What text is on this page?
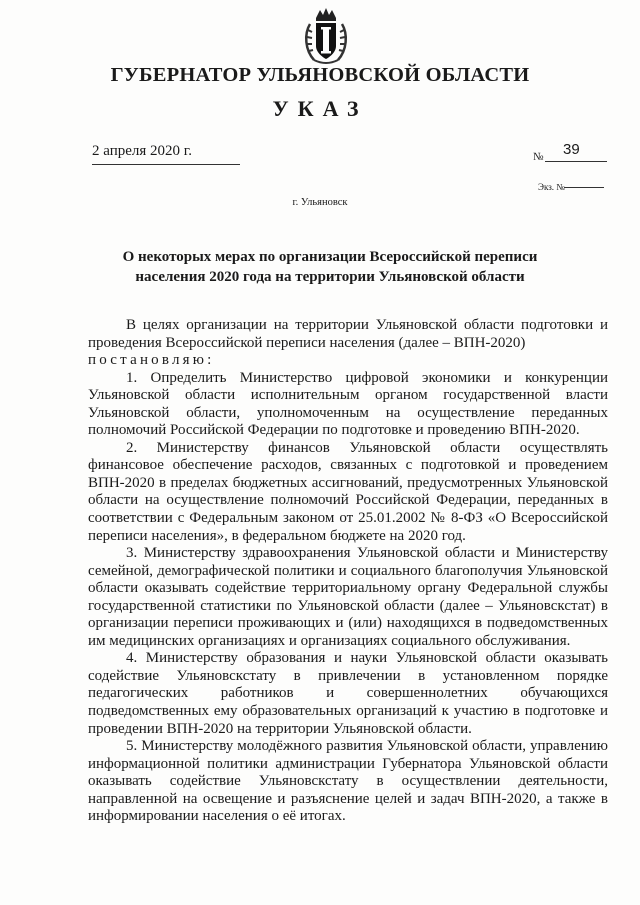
ГУБЕРНАТОР УЛЬЯНОВСКОЙ ОБЛАСТИ
УКАЗ
2 апреля 2020 г.	№ 39
Экз. №
г. Ульяновск
О некоторых мерах по организации Всероссийской переписи населения 2020 года на территории Ульяновской области

В целях организации на территории Ульяновской области подготовки и проведения Всероссийской переписи населения (далее – ВПН-2020)

постановляю:

1. Определить Министерство цифровой экономики и конкуренции Ульяновской области исполнительным органом государственной власти Ульяновской области, уполномоченным на осуществление переданных полномочий Российской Федерации по подготовке и проведению ВПН-2020.

2. Министерству финансов Ульяновской области осуществлять финансовое обеспечение расходов, связанных с подготовкой и проведением ВПН-2020 в пределах бюджетных ассигнований, предусмотренных Ульяновской области на осуществление полномочий Российской Федерации, переданных в соответствии с Федеральным законом от 25.01.2002 № 8-ФЗ «О Всероссийской переписи населения», в федеральном бюджете на 2020 год.

3. Министерству здравоохранения Ульяновской области и Министерству семейной, демографической политики и социального благополучия Ульяновской области оказывать содействие территориальному органу Федеральной службы государственной статистики по Ульяновской области (далее – Ульяновскстат) в организации переписи проживающих и (или) находящихся в подведомственных им медицинских организациях и организациях социального обслуживания.

4. Министерству образования и науки Ульяновской области оказывать содействие Ульяновскстату в привлечении в установленном порядке педагогических работников и совершеннолетних обучающихся подведомственных ему образовательных организаций к участию в подготовке и проведении ВПН-2020 на территории Ульяновской области.

5. Министерству молодёжного развития Ульяновской области, управлению информационной политики администрации Губернатора Ульяновской области оказывать содействие Ульяновскстату в осуществлении деятельности, направленной на освещение и разъяснение целей и задач ВПН-2020, а также в информировании населения о её итогах.
